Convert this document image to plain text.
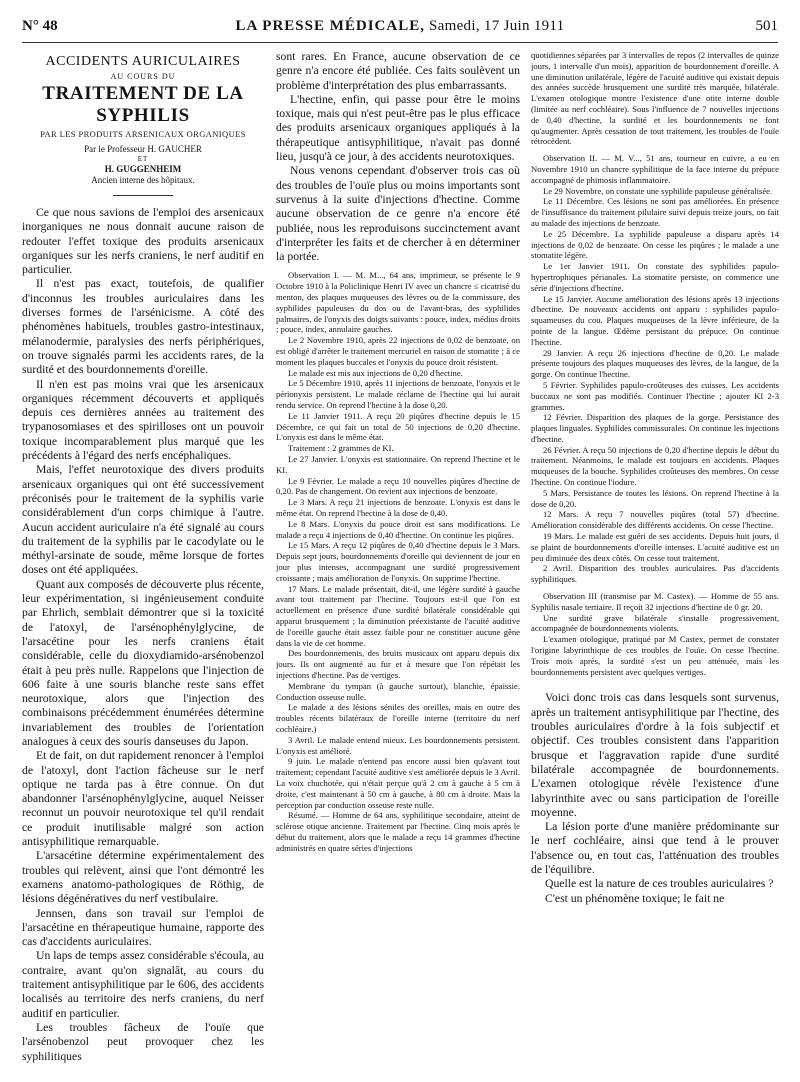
N° 48	LA PRESSE MÉDICALE, Samedi, 17 Juin 1911	501
ACCIDENTS AURICULAIRES
AU COURS DU
TRAITEMENT DE LA SYPHILIS
PAR LES PRODUITS ARSENICAUX ORGANIQUES
Par le Professeur H. GAUCHER
ET
H. GUGGENHEIM
Ancien interne des hôpitaux.

Ce que nous savions de l'emploi des arsenicaux inorganiques ne nous donnait aucune raison de redouter l'effet toxique des produits arsenicaux organiques sur les nerfs craniens, le nerf auditif en particulier.

Il n'est pas exact, toutefois, de qualifier d'inconnus les troubles auriculaires dans les diverses formes de l'arsénicisme. A côté des phénomènes habituels, troubles gastro-intestinaux, mélanodermie, paralysies des nerfs périphériques, on trouve signalés parmi les accidents rares, de la surdité et des bourdonnements d'oreille.

Il n'en est pas moins vrai que les arsenicaux organiques récemment découverts et appliqués depuis ces dernières années au traitement des trypanosomiases et des spirilloses ont un pouvoir toxique incomparablement plus marqué que les précédents à l'égard des nerfs encéphaliques.

Mais, l'effet neurotoxique des divers produits arsenicaux organiques qui ont été successivement préconisés pour le traitement de la syphilis varie considérablement d'un corps chimique à l'autre. Aucun accident auriculaire n'a été signalé au cours du traitement de la syphilis par le cacodylate ou le méthyl-arsinate de soude, même lorsque de fortes doses ont été appliquées.

Quant aux composés de découverte plus récente, leur expérimentation, si ingénieusement conduite par Ehrlich, semblait démontrer que si la toxicité de l'atoxyl, de l'arsénophénylglycine, de l'arsacétine pour les nerfs craniens était considérable, celle du dioxydiamido-arsénobenzol était à peu près nulle. Rappelons que l'injection de 606 faite à une souris blanche reste sans effet neurotoxique, alors que l'injection des combinaisons précédemment énumérées détermine invariablement des troubles de l'orientation analogues à ceux des souris danseuses du Japon.

Et de fait, on dut rapidement renoncer à l'emploi de l'atoxyl, dont l'action fâcheuse sur le nerf optique ne tarda pas à être connue. On dut abandonner l'arsénophénylglycine, auquel Neisser reconnut un pouvoir neurotoxique tel qu'il rendait ce produit inutilisable malgré son action antisyphilitique remarquable.

L'arsacétine détermine expérimentalement des troubles qui relèvent, ainsi que l'ont démontré les examens anatomo-pathologiques de Röthig, de lésions dégénératives du nerf vestibulaire.

Jennsen, dans son travail sur l'emploi de l'arsacétine en thérapeutique humaine, rapporte des cas d'accidents auriculaires.

Un laps de temps assez considérable s'écoula, au contraire, avant qu'on signalât, au cours du traitement antisyphilitique par le 606, des accidents localisés au territoire des nerfs craniens, du nerf auditif en particulier.

Les troubles fâcheux de l'ouïe que l'arsénobenzol peut provoquer chez les syphilitiques

sont rares. En France, aucune observation de ce genre n'a encore été publiée. Ces faits soulèvent un problème d'interprétation des plus embarrassants.

L'hectine, enfin, qui passe pour être le moins toxique, mais qui n'est peut-être pas le plus efficace des produits arsenicaux organiques appliqués à la thérapeutique antisyphilitique, n'avait pas donné lieu, jusqu'à ce jour, à des accidents neurotoxiques.

Nous venons cependant d'observer trois cas où des troubles de l'ouïe plus ou moins importants sont survenus à la suite d'injections d'hectine. Comme aucune observation de ce genre n'a encore été publiée, nous les reproduisons succinctement avant d'interpréter les faits et de chercher à en déterminer la portée.

Observation I. — M. M..., 64 ans, imprimeur, se présente le 9 Octobre 1910 à la Policlinique Henri IV avec un chancre ≤ cicatrisé du menton, des plaques muqueuses des lèvres ou de la commissure, des syphilides papuleuses du dos ou de l'avant-bras, des syphilides palmaires, de l'onyxis des doigts suivants : pouce, index, médius droits ; pouce, index, annulaire gauches.

Le 2 Novembre 1910, après 22 injections de 0,02 de benzoate, on est obligé d'arrêter le traitement mercuriel en raison de stomatite ; à ce moment les plaques buccales et l'onyxis du pouce droit résistent.

Le malade est mis aux injections de 0,20 d'hectine.

Le 5 Décembre 1910, après 11 injections de benzoate, l'onyxis et le périonyxis persistent. Le malade réclame de l'hectine qui lui aurait rendu service. On reprend l'hectine à la dose 0,20.

Le 11 Janvier 1911. A reçu 20 piqûres d'hectine depuis le 15 Décembre, ce qui fait un total de 50 injections de 0,20 d'hectine. L'onyxis est dans le même état.

Traitement : 2 grammes de KI.

Le 27 Janvier. L'onyxis est stationnaire. On reprend l'hectine et le KI.

Le 9 Février. Le malade a reçu 10 nouvelles piqûres d'hectine de 0,20. Pas de changement. On revient aux injections de benzoate.

Le 3 Mars. A reçu 21 injections de benzoate. L'onyxis est dans le même état. On reprend l'hectine à la dose de 0,40.

Le 8 Mars. L'onyxis du pouce droit est sans modifications. Le malade a reçu 4 injections de 0,40 d'hectine. On continue les piqûres.

Le 15 Mars. A reçu 12 piqûres de 0,40 d'hectine depuis le 3 Mars. Depuis sept jours, bourdonnements d'oreille qui deviennent de jour en jour plus intenses, accompagnant une surdité progressivement croissante ; mais amélioration de l'onyxis. On supprime l'hectine.

17 Mars. Le malade présentait, dit-il, une légère surdité à gauche avant tout traitement par l'hectine. Toujours est-il que l'on est actuellement en présence d'une surdité bilatérale considérable qui apparut brusquement ; la diminution préexistante de l'acuité auditive de l'oreille gauche était assez faible pour ne constituer aucune gêne dans la vie de cet homme.

Des bourdonnements, des bruits musicaux ont apparu depuis dix jours. Ils ont augmenté au fur et à mesure que l'on répétait les injections d'hectine. Pas de vertiges.

Membrane du tympan (à gauche surtout), blanchie, épaissie. Conduction osseuse nulle.

Le malade a des lésions séniles des oreilles, mais en outre des troubles récents bilatéraux de l'oreille interne (territoire du nerf cochléaire.)

3 Avril. Le malade entend mieux. Les bourdonnements persistent. L'onyxis est amélioré.

9 juin. Le malade n'entend pas encore aussi bien qu'avant tout traitement; cependant l'acuité auditive s'est améliorée depuis le 3 Avril. La voix chuchotée, qui n'était perçue qu'à 2 cm à gauche à 5 cm à droite, c'est maintenant à 50 cm à gauche, à 80 cm à droite. Mais la perception par conduction osseuse reste nulle.

Résumé. — Homme de 64 ans, syphilitique secondaire, atteint de sclérose otique ancienne. Traitement par l'hectine. Cinq mois après le début du traitement, alors que le malade a reçu 14 grammes d'hectine administrés en quatre séries d'injections

quotidiennes séparées par 3 intervalles de repos (2 intervalles de quinze jours, 1 intervalle d'un mois), apparition de bourdonnement d'oreille. A une diminution unilatérale, légère de l'acuité auditive qui existait depuis des années succède brusquement une surdité très marquée, bilatérale. L'examen otologique montre l'existence d'une otite interne double (limitée au nerf cochléaire). Sous l'influence de 7 nouvelles injections de 0,40 d'hectine, la surdité et les bourdonnements ne font qu'augmenter. Après cessation de tout traitement, les troubles de l'ouïe rétrocèdent.

Observation II. — M. V..., 51 ans, tourneur en cuivre, a eu en Novembre 1910 un chancre syphilitique de la face interne du prépuce accompagné de phimosis inflammatoire.

Le 29 Novembre, on constate une syphilide papuleuse généralisée.

Le 11 Décembre. Ces lésions ne sont pas améliorées. En présence de l'insuffisance du traitement pilulaire suivi depuis treize jours, on fait au malade des injections de benzoate.

Le 25 Décembre. La syphilide papuleuse a disparu après 14 injections de 0,02 de benzoate. On cesse les piqûres ; le malade a une stomatite légère.

Le 1er Janvier 1911. On constate des syphilides papulo-hypertrophiques périanales. La stomatite persiste, on commence une série d'injections d'hectine.

Le 15 Janvier. Aucune amélioration des lésions après 13 injections d'hectine. De nouveaux accidents ont apparu : syphilides papulo-squameuses du cou. Plaques muqueuses de la lèvre inférieure, de la pointe de la langue. Œdème persistant du prépuce. On continue l'hectine.

29 Janvier. A reçu 26 injections d'hectine de 0,20. Le malade présente toujours des plaques muqueuses des lèvres, de la langue, de la gorge. On continue l'hectine.

5 Février. Syphilides papulo-croûteuses des cuisses. Les accidents buccaux ne sont pas modifiés. Continuer l'hectine ; ajouter KI 2-3 grammes.

12 Février. Disparition des plaques de la gorge. Persistance des plaques linguales. Syphilides commissurales. On continue les injections d'hectine.

26 Février. A reçu 50 injections de 0,20 d'hectine depuis le début du traitement. Néanmoins, le malade est toujours en accidents. Plaques muqueuses de la bouche. Syphilides croûteuses des membres. On cesse l'hectine. On continue l'iodure.

5 Mars. Persistance de toutes les lésions. On reprend l'hectine à la dose de 0,20.

12 Mars. A reçu 7 nouvelles piqûres (total 57) d'hectine. Amélioration considérable des différents accidents. On cesse l'hectine.

19 Mars. Le malade est guéri de ses accidents. Depuis huit jours, il se plaint de bourdonnements d'oreille intenses. L'acuité auditive est un peu diminuée des deux côtés. On cesse tout traitement.

2 Avril. Disparition des troubles auriculaires. Pas d'accidents syphilitiques.

Observation III (transmise par M. Castex). — Homme de 55 ans. Syphilis nasale tertiaire. Il reçoit 32 injections d'hectine de 0 gr. 20.

Une surdité grave bilatérale s'installe progressivement, accompagnée de bourdonnements violents.

L'examen otologique, pratiqué par M Castex, permet de constater l'origine labyrinthique de ces troubles de l'ouïe. On cesse l'hectine. Trois mois après, la surdité s'est un peu atténuée, mais les bourdonnements persistent avec quelques vertiges.

Voici donc trois cas dans lesquels sont survenus, après un traitement antisyphilitique par l'hectine, des troubles auriculaires d'ordre à la fois subjectif et objectif. Ces troubles consistent dans l'apparition brusque et l'aggravation rapide d'une surdité bilatérale accompagnée de bourdonnements. L'examen otologique révèle l'existence d'une labyrinthite avec ou sans participation de l'oreille moyenne.

La lésion porte d'une manière prédominante sur le nerf cochléaire, ainsi que tend à le prouver l'absence ou, en tout cas, l'atténuation des troubles de l'équilibre.

Quelle est la nature de ces troubles auriculaires ?

C'est un phénomène toxique; le fait ne
